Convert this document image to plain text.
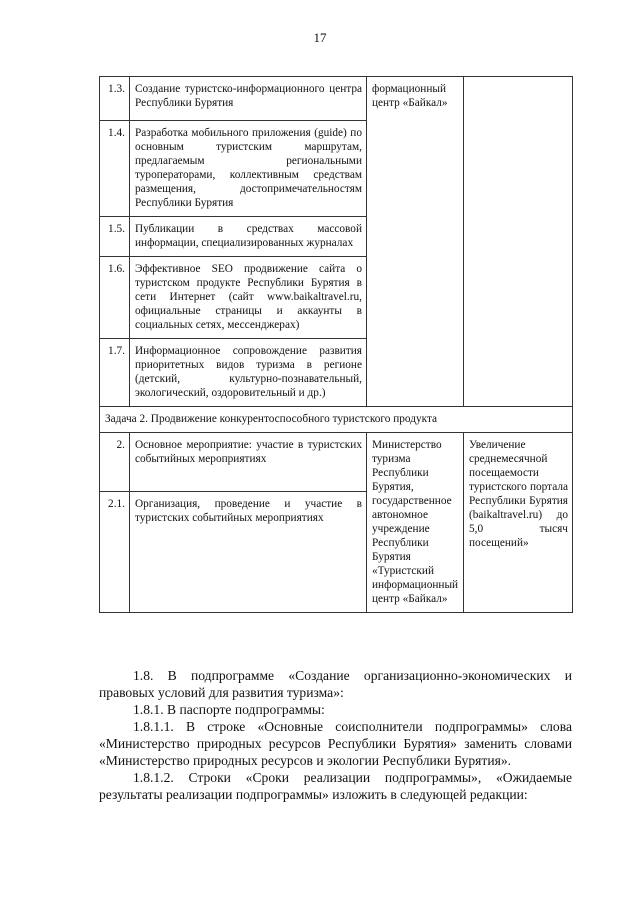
17
1.3.	Создание туристско-информационного центра Республики Бурятия	формационный центр «Байкал»	
1.4.	Разработка мобильного приложения (guide) по основным туристским маршрутам, предлагаемым региональными туроператорами, коллективным средствам размещения, достопримечательностям Республики Бурятия		
1.5.	Публикации в средствах массовой информации, специализированных журналах		
1.6.	Эффективное SEO продвижение сайта о туристском продукте Республики Бурятия в сети Интернет (сайт www.baikaltravel.ru, официальные страницы и аккаунты в социальных сетях, мессенджерах)		
1.7.	Информационное сопровождение развития приоритетных видов туризма в регионе (детский, культурно-познавательный, экологический, оздоровительный и др.)		
Задача 2. Продвижение конкурентоспособного туристского продукта			
2.	Основное мероприятие: участие в туристских событийных мероприятиях	Министерство туризма Республики Бурятия, государственное автономное учреждение Республики Бурятия «Туристский информационный центр «Байкал»	Увеличение среднемесячной посещаемости туристского портала Республики Бурятия (baikaltravel.ru) до 5,0 тысяч посещений»
2.1.	Организация, проведение и участие в туристских событийных мероприятиях		

1.8. В подпрограмме «Создание организационно-экономических и правовых условий для развития туризма»:

1.8.1. В паспорте подпрограммы:

1.8.1.1. В строке «Основные соисполнители подпрограммы» слова «Министерство природных ресурсов Республики Бурятия» заменить словами «Министерство природных ресурсов и экологии Республики Бурятия».

1.8.1.2. Строки «Сроки реализации подпрограммы», «Ожидаемые результаты реализации подпрограммы» изложить в следующей редакции:
